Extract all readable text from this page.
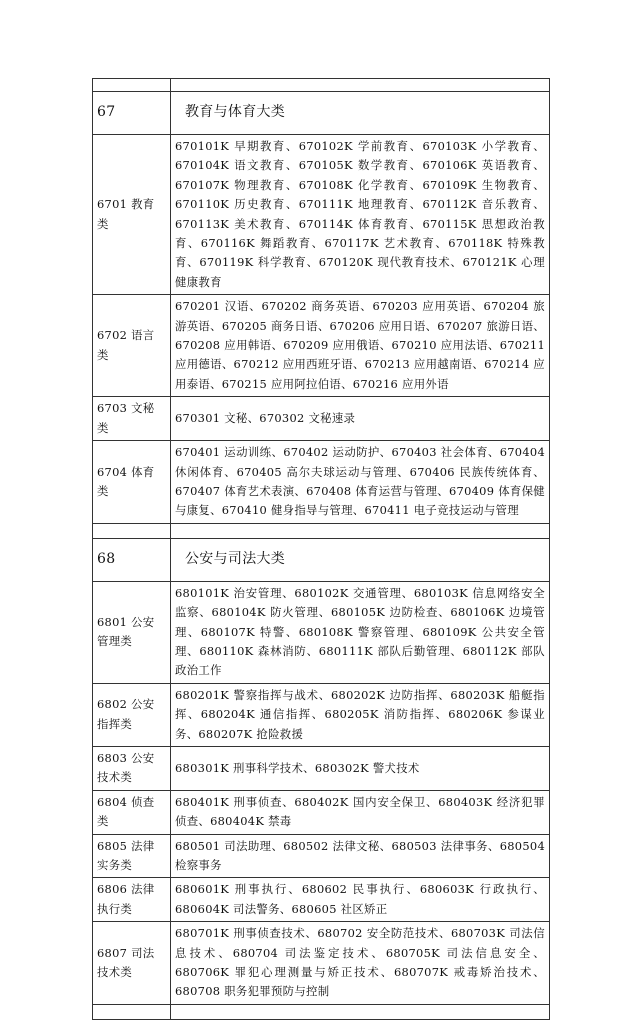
67	教育与体育大类
6701 教育类	670101K 早期教育、670102K 学前教育、670103K 小学教育、670104K 语文教育、670105K 数学教育、670106K 英语教育、670107K 物理教育、670108K 化学教育、670109K 生物教育、670110K 历史教育、670111K 地理教育、670112K 音乐教育、670113K 美术教育、670114K 体育教育、670115K 思想政治教育、670116K 舞蹈教育、670117K 艺术教育、670118K 特殊教育、670119K 科学教育、670120K 现代教育技术、670121K 心理健康教育
6702 语言类	670201 汉语、670202 商务英语、670203 应用英语、670204 旅游英语、670205 商务日语、670206 应用日语、670207 旅游日语、670208 应用韩语、670209 应用俄语、670210 应用法语、670211 应用德语、670212 应用西班牙语、670213 应用越南语、670214 应用泰语、670215 应用阿拉伯语、670216 应用外语
6703 文秘类	670301 文秘、670302 文秘速录
6704 体育类	670401 运动训练、670402 运动防护、670403 社会体育、670404 休闲体育、670405 高尔夫球运动与管理、670406 民族传统体育、670407 体育艺术表演、670408 体育运营与管理、670409 体育保健与康复、670410 健身指导与管理、670411 电子竞技运动与管理

68	公安与司法大类
6801 公安管理类	680101K 治安管理、680102K 交通管理、680103K 信息网络安全监察、680104K 防火管理、680105K 边防检查、680106K 边境管理、680107K 特警、680108K 警察管理、680109K 公共安全管理、680110K 森林消防、680111K 部队后勤管理、680112K 部队政治工作
6802 公安指挥类	680201K 警察指挥与战术、680202K 边防指挥、680203K 船艇指挥、680204K 通信指挥、680205K 消防指挥、680206K 参谋业务、680207K 抢险救援
6803 公安技术类	680301K 刑事科学技术、680302K 警犬技术
6804 侦查类	680401K 刑事侦查、680402K 国内安全保卫、680403K 经济犯罪侦查、680404K 禁毒
6805 法律实务类	680501 司法助理、680502 法律文秘、680503 法律事务、680504 检察事务
6806 法律执行类	680601K 刑事执行、680602 民事执行、680603K 行政执行、680604K 司法警务、680605 社区矫正
6807 司法技术类	680701K 刑事侦查技术、680702 安全防范技术、680703K 司法信息技术、680704 司法鉴定技术、680705K 司法信息安全、680706K 罪犯心理测量与矫正技术、680707K 戒毒矫治技术、680708 职务犯罪预防与控制
